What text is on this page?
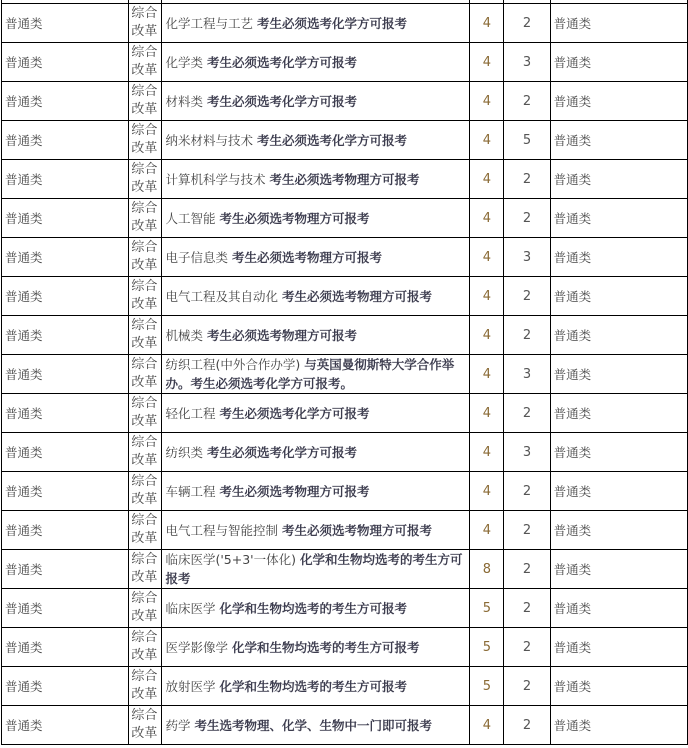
普通类	综合改革	化学工程与工艺 考生必须选考化学方可报考	4	2	普通类
普通类	综合改革	化学类 考生必须选考化学方可报考	4	3	普通类
普通类	综合改革	材料类 考生必须选考化学方可报考	4	2	普通类
普通类	综合改革	纳米材料与技术 考生必须选考化学方可报考	4	5	普通类
普通类	综合改革	计算机科学与技术 考生必须选考物理方可报考	4	2	普通类
普通类	综合改革	人工智能 考生必须选考物理方可报考	4	2	普通类
普通类	综合改革	电子信息类 考生必须选考物理方可报考	4	3	普通类
普通类	综合改革	电气工程及其自动化 考生必须选考物理方可报考	4	2	普通类
普通类	综合改革	机械类 考生必须选考物理方可报考	4	2	普通类
普通类	综合改革	纺织工程(中外合作办学) 与英国曼彻斯特大学合作举办。考生必须选考化学方可报考。	4	3	普通类
普通类	综合改革	轻化工程 考生必须选考化学方可报考	4	2	普通类
普通类	综合改革	纺织类 考生必须选考化学方可报考	4	3	普通类
普通类	综合改革	车辆工程 考生必须选考物理方可报考	4	2	普通类
普通类	综合改革	电气工程与智能控制 考生必须选考物理方可报考	4	2	普通类
普通类	综合改革	临床医学('5+3'一体化) 化学和生物均选考的考生方可报考	8	2	普通类
普通类	综合改革	临床医学 化学和生物均选考的考生方可报考	5	2	普通类
普通类	综合改革	医学影像学 化学和生物均选考的考生方可报考	5	2	普通类
普通类	综合改革	放射医学 化学和生物均选考的考生方可报考	5	2	普通类
普通类	综合改革	药学 考生选考物理、化学、生物中一门即可报考	4	2	普通类
